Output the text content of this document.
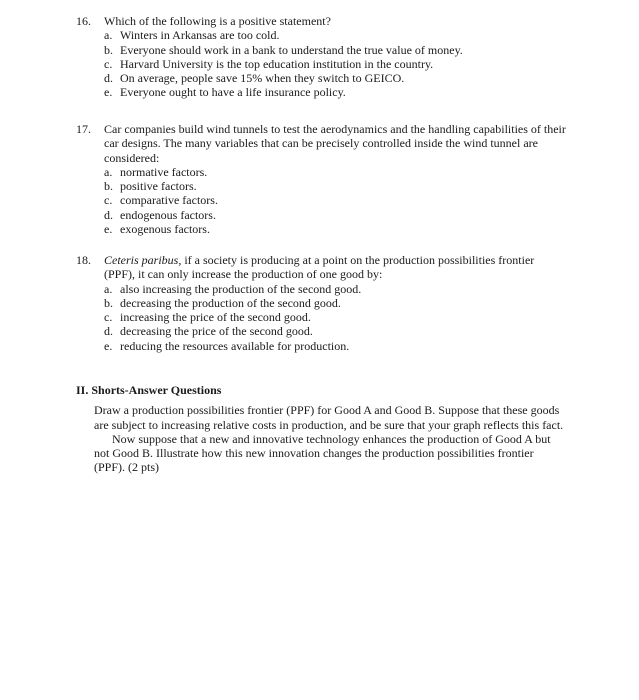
16. Which of the following is a positive statement?
a. Winters in Arkansas are too cold.
b. Everyone should work in a bank to understand the true value of money.
c. Harvard University is the top education institution in the country.
d. On average, people save 15% when they switch to GEICO.
e. Everyone ought to have a life insurance policy.
17. Car companies build wind tunnels to test the aerodynamics and the handling capabilities of their car designs. The many variables that can be precisely controlled inside the wind tunnel are considered:
a. normative factors.
b. positive factors.
c. comparative factors.
d. endogenous factors.
e. exogenous factors.
18. Ceteris paribus, if a society is producing at a point on the production possibilities frontier (PPF), it can only increase the production of one good by:
a. also increasing the production of the second good.
b. decreasing the production of the second good.
c. increasing the price of the second good.
d. decreasing the price of the second good.
e. reducing the resources available for production.
II. Shorts-Answer Questions

Draw a production possibilities frontier (PPF) for Good A and Good B. Suppose that these goods are subject to increasing relative costs in production, and be sure that your graph reflects this fact.

Now suppose that a new and innovative technology enhances the production of Good A but not Good B. Illustrate how this new innovation changes the production possibilities frontier (PPF). (2 pts)
